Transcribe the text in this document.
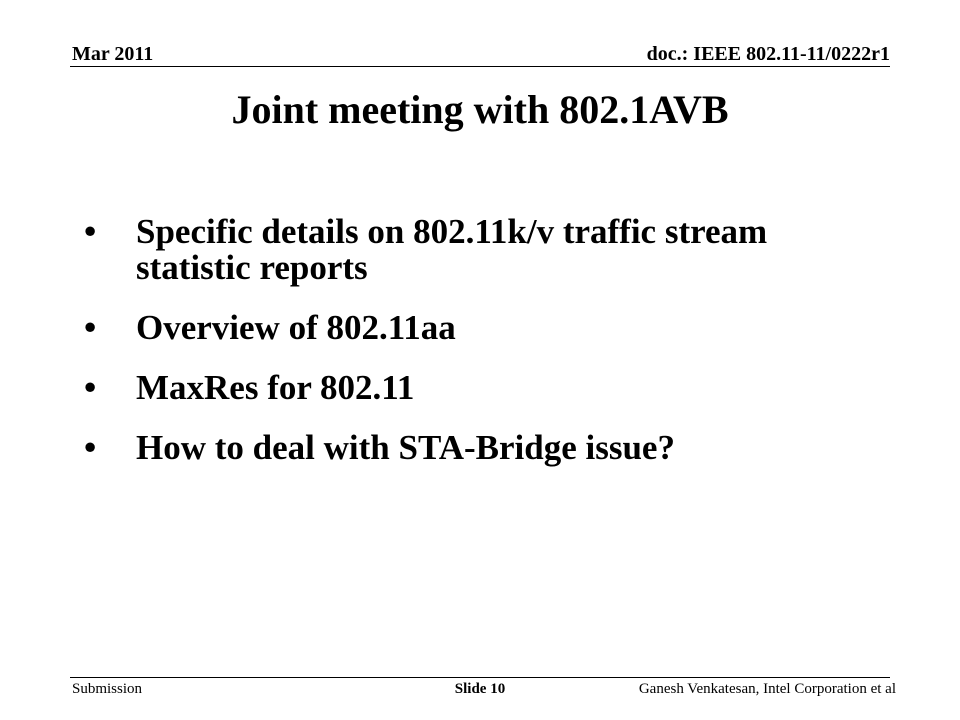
Mar 2011	doc.: IEEE 802.11-11/0222r1
Joint meeting with 802.1AVB
• Specific details on 802.11k/v traffic stream statistic reports
• Overview of 802.11aa
• MaxRes for 802.11
• How to deal with STA-Bridge issue?
Submission	Slide 10	Ganesh Venkatesan, Intel Corporation et al
